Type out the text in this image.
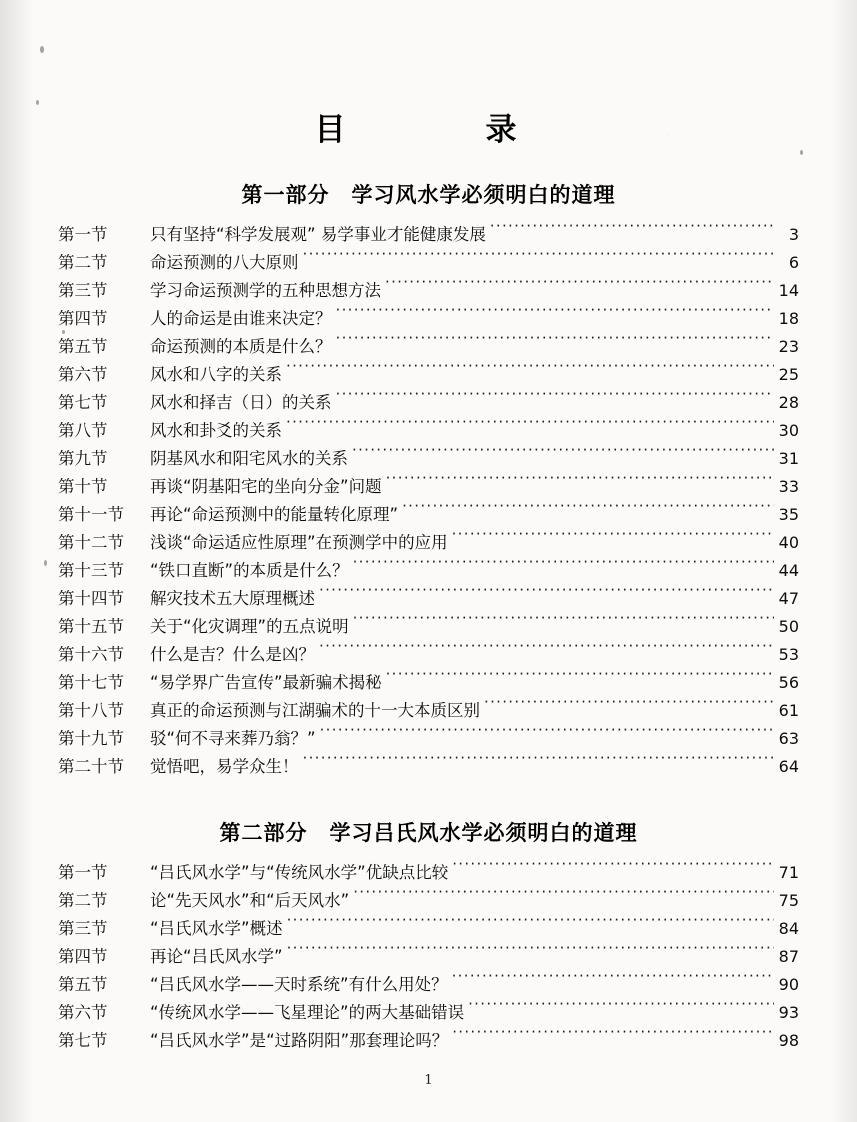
目　　录
第一部分 学习风水学必须明白的道理
第一节	只有坚持“科学发展观” 易学事业才能健康发展 ·····	3
第二节	命运预测的八大原则 ·····	6
第三节	学习命运预测学的五种思想方法 ·····	14
第四节	人的命运是由谁来决定？ ·····	18
第五节	命运预测的本质是什么？ ·····	23
第六节	风水和八字的关系 ·····	25
第七节	风水和择吉（日）的关系 ·····	28
第八节	风水和卦爻的关系 ·····	30
第九节	阴基风水和阳宅风水的关系 ·····	31
第十节	再谈“阴基阳宅的坐向分金”问题 ·····	33
第十一节	再论“命运预测中的能量转化原理” ·····	35
第十二节	浅谈“命运适应性原理”在预测学中的应用 ·····	40
第十三节	“铁口直断”的本质是什么？ ·····	44
第十四节	解灾技术五大原理概述 ·····	47
第十五节	关于“化灾调理”的五点说明 ·····	50
第十六节	什么是吉？什么是凶？ ·····	53
第十七节	“易学界广告宣传”最新骗术揭秘 ·····	56
第十八节	真正的命运预测与江湖骗术的十一大本质区别 ·····	61
第十九节	驳“何不寻来葬乃翁？” ·····	63
第二十节	觉悟吧，易学众生！ ·····	64
第二部分 学习吕氏风水学必须明白的道理
第一节	“吕氏风水学”与“传统风水学”优缺点比较 ·····	71
第二节	论“先天风水”和“后天风水” ·····	75
第三节	“吕氏风水学”概述 ·····	84
第四节	再论“吕氏风水学” ·····	87
第五节	“吕氏风水学——天时系统”有什么用处？ ·····	90
第六节	“传统风水学——飞星理论”的两大基础错误 ·····	93
第七节	“吕氏风水学”是“过路阴阳”那套理论吗？ ·····	98
1
